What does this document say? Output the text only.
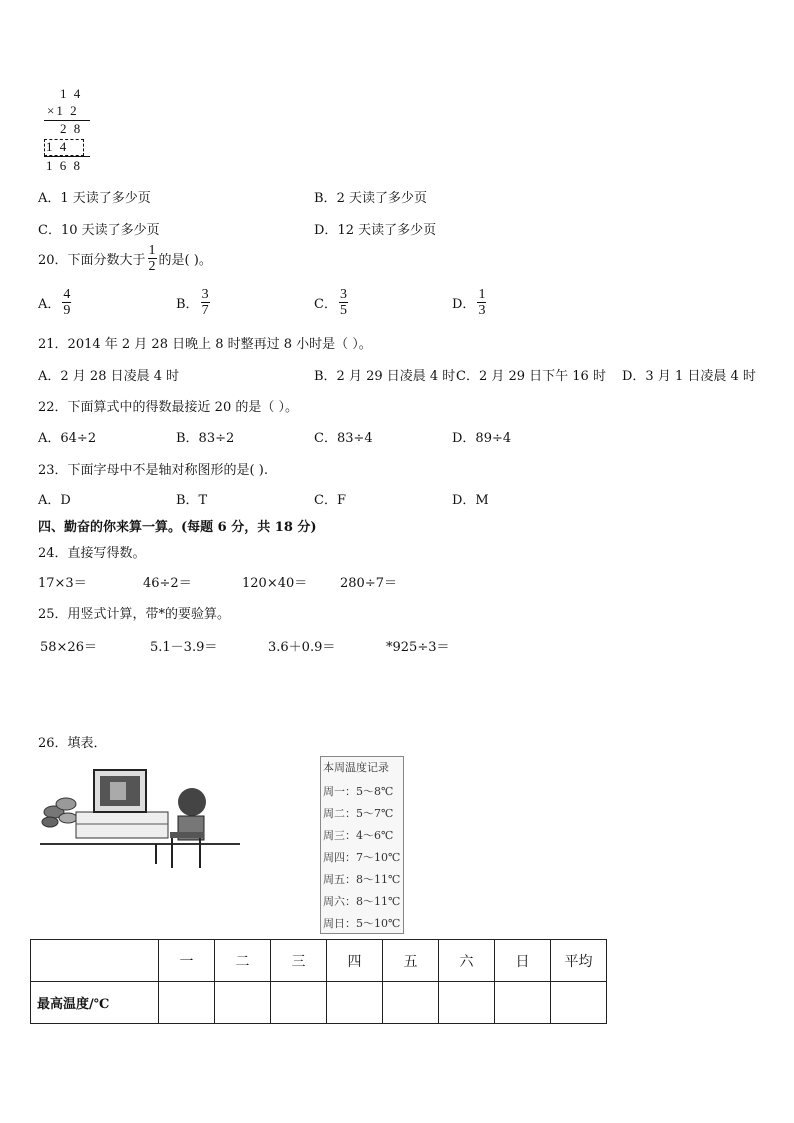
1 4
×1 2
2 8
1 4
1 6 8
A．1 天读了多少页	B．2 天读了多少页
C．10 天读了多少页	D．12 天读了多少页
20．下面分数大于 $\frac{1}{2}$ 的是( )。
A． $\frac{4}{9}$	B． $\frac{3}{7}$	C． $\frac{3}{5}$	D． $\frac{1}{3}$
21．2014 年 2 月 28 日晚上 8 时整再过 8 小时是（ ）。
A．2 月 28 日凌晨 4 时	B．2 月 29 日凌晨 4 时 C．2 月 29 日下午 16 时 D．3 月 1 日凌晨 4 时
22．下面算式中的得数最接近 20 的是（ ）。
A．64÷2	B．83÷2	C．83÷4	D．89÷4
23．下面字母中不是轴对称图形的是( ).
A．D	B．T	C．F	D．M
四、勤奋的你来算一算。(每题 6 分，共 18 分)
24．直接写得数。
17×3＝	46÷2＝	120×40＝	280÷7＝
25．用竖式计算，带*的要验算。
58×26＝	5.1－3.9＝	3.6＋0.9＝	*925÷3＝
26．填表．
本周温度记录
周一：5～8℃
周二：5～7℃
周三：4～6℃
周四：7～10℃
周五：8～11℃
周六：8～11℃
周日：5～10℃
	一	二	三	四	五	六	日	平均
最高温度/℃								
